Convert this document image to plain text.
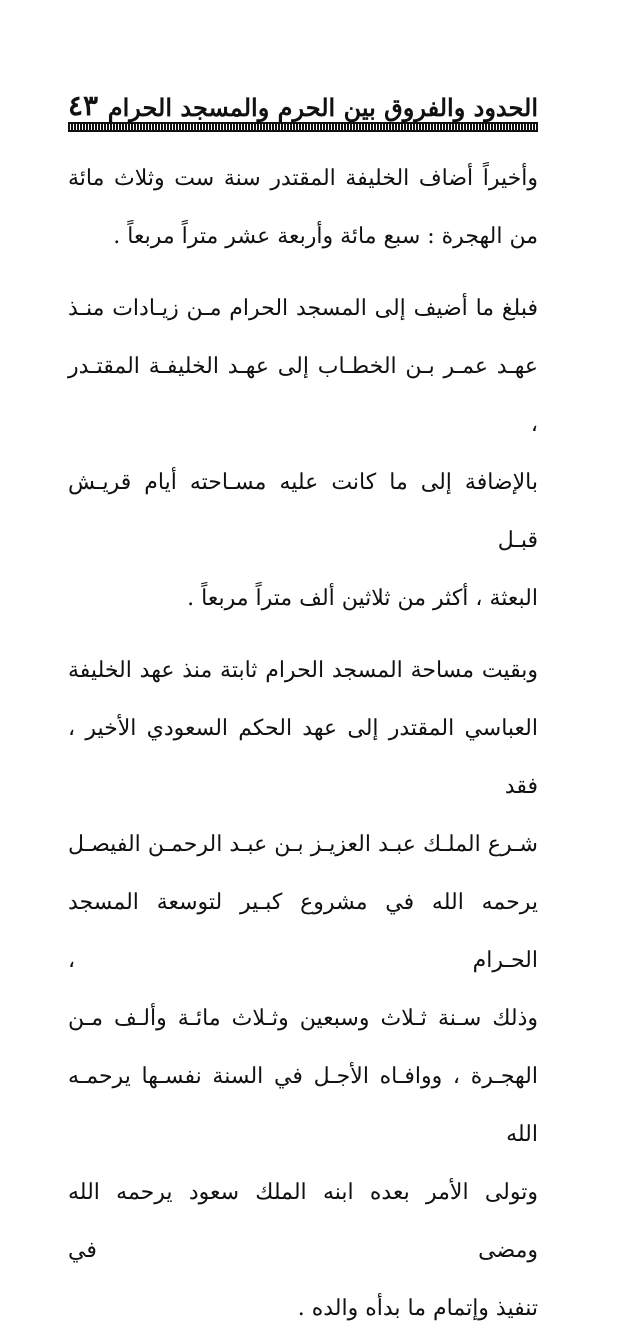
الحدود والفروق بين الحرم والمسجد الحرام
٤٣

وأخيراً أضاف الخليفة المقتدر سنة ست وثلاث مائة
من الهجرة : سبع مائة وأربعة عشر متراً مربعاً .

فبلغ ما أضيف إلى المسجد الحرام مـن زيـادات منـذ
عهـد عمـر بـن الخطـاب إلى عهـد الخليفـة المقتـدر ،
بالإضافة إلى ما كانت عليه مسـاحته أيام قريـش قبـل
البعثة ، أكثر من ثلاثين ألف متراً مربعاً .

وبقيت مساحة المسجد الحرام ثابتة منذ عهد الخليفة
العباسي المقتدر إلى عهد الحكم السعودي الأخير ، فقد
شـرع الملـك عبـد العزيـز بـن عبـد الرحمـن الفيصـل
يرحمه الله في مشروع كبـير لتوسعة المسجد الحـرام ،
وذلك سـنة ثـلاث وسبعين وثـلاث مائـة وألـف مـن
الهجـرة ، ووافـاه الأجـل في السنة نفسـها يرحمـه الله
وتولى الأمر بعده ابنه الملك سعود يرحمه الله ومضى في
تنفيذ وإتمام ما بدأه والده .
